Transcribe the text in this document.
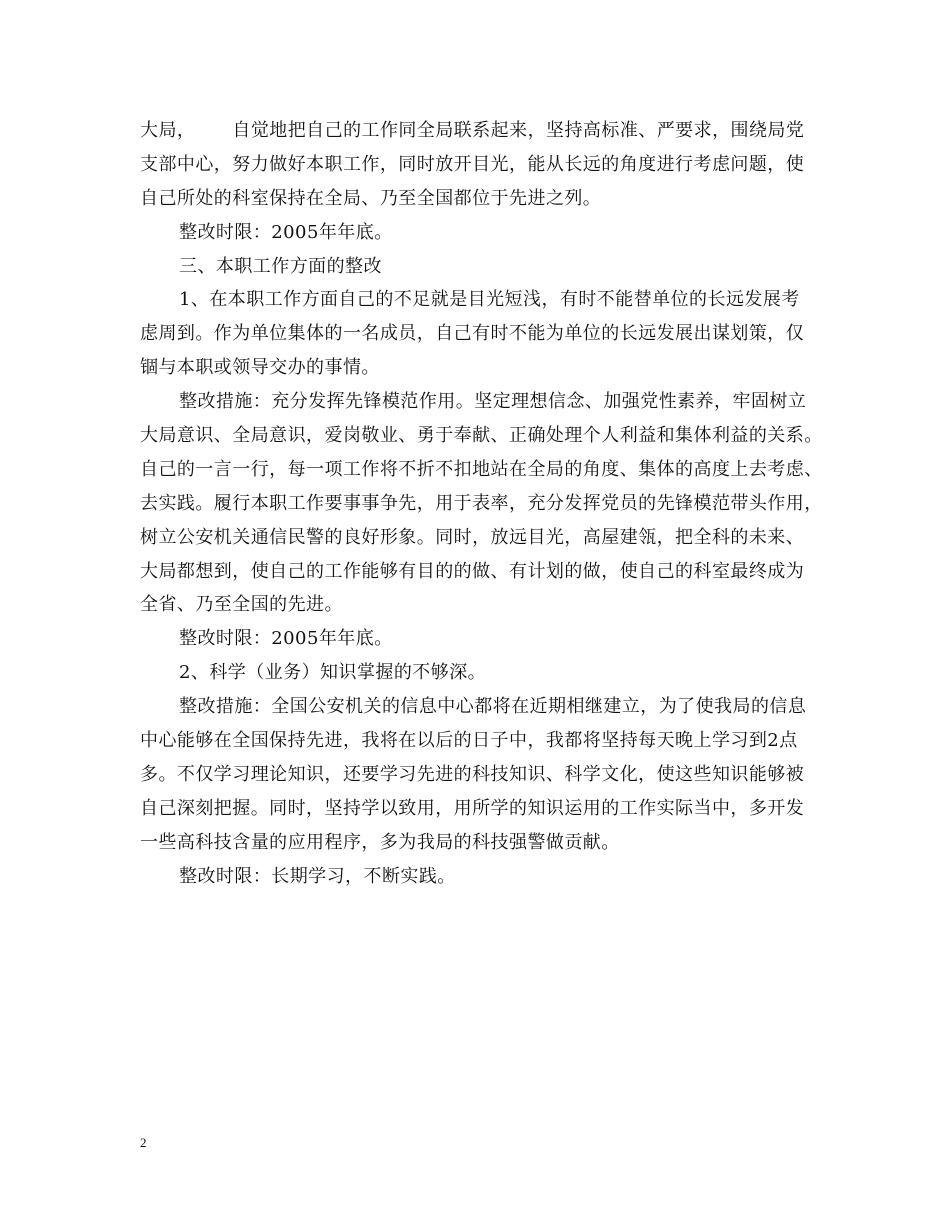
大局，      自觉地把自己的工作同全局联系起来，坚持高标准、严要求，围绕局党
支部中心，努力做好本职工作，同时放开目光，能从长远的角度进行考虑问题，使
自己所处的科室保持在全局、乃至全国都位于先进之列。
整改时限：2005年年底。
三、本职工作方面的整改
1、在本职工作方面自己的不足就是目光短浅，有时不能替单位的长远发展考
虑周到。作为单位集体的一名成员，自己有时不能为单位的长远发展出谋划策，仅
锢与本职或领导交办的事情。
整改措施：充分发挥先锋模范作用。坚定理想信念、加强党性素养，牢固树立
大局意识、全局意识，爱岗敬业、勇于奉献、正确处理个人利益和集体利益的关系。
自己的一言一行，每一项工作将不折不扣地站在全局的角度、集体的高度上去考虑、
去实践。履行本职工作要事事争先，用于表率，充分发挥党员的先锋模范带头作用，
树立公安机关通信民警的良好形象。同时，放远目光，高屋建瓴，把全科的未来、
大局都想到，使自己的工作能够有目的的做、有计划的做，使自己的科室最终成为
全省、乃至全国的先进。
整改时限：2005年年底。
2、科学（业务）知识掌握的不够深。
整改措施：全国公安机关的信息中心都将在近期相继建立，为了使我局的信息
中心能够在全国保持先进，我将在以后的日子中，我都将坚持每天晚上学习到2点
多。不仅学习理论知识，还要学习先进的科技知识、科学文化，使这些知识能够被
自己深刻把握。同时，坚持学以致用，用所学的知识运用的工作实际当中，多开发
一些高科技含量的应用程序，多为我局的科技强警做贡献。
整改时限：长期学习，不断实践。
2
